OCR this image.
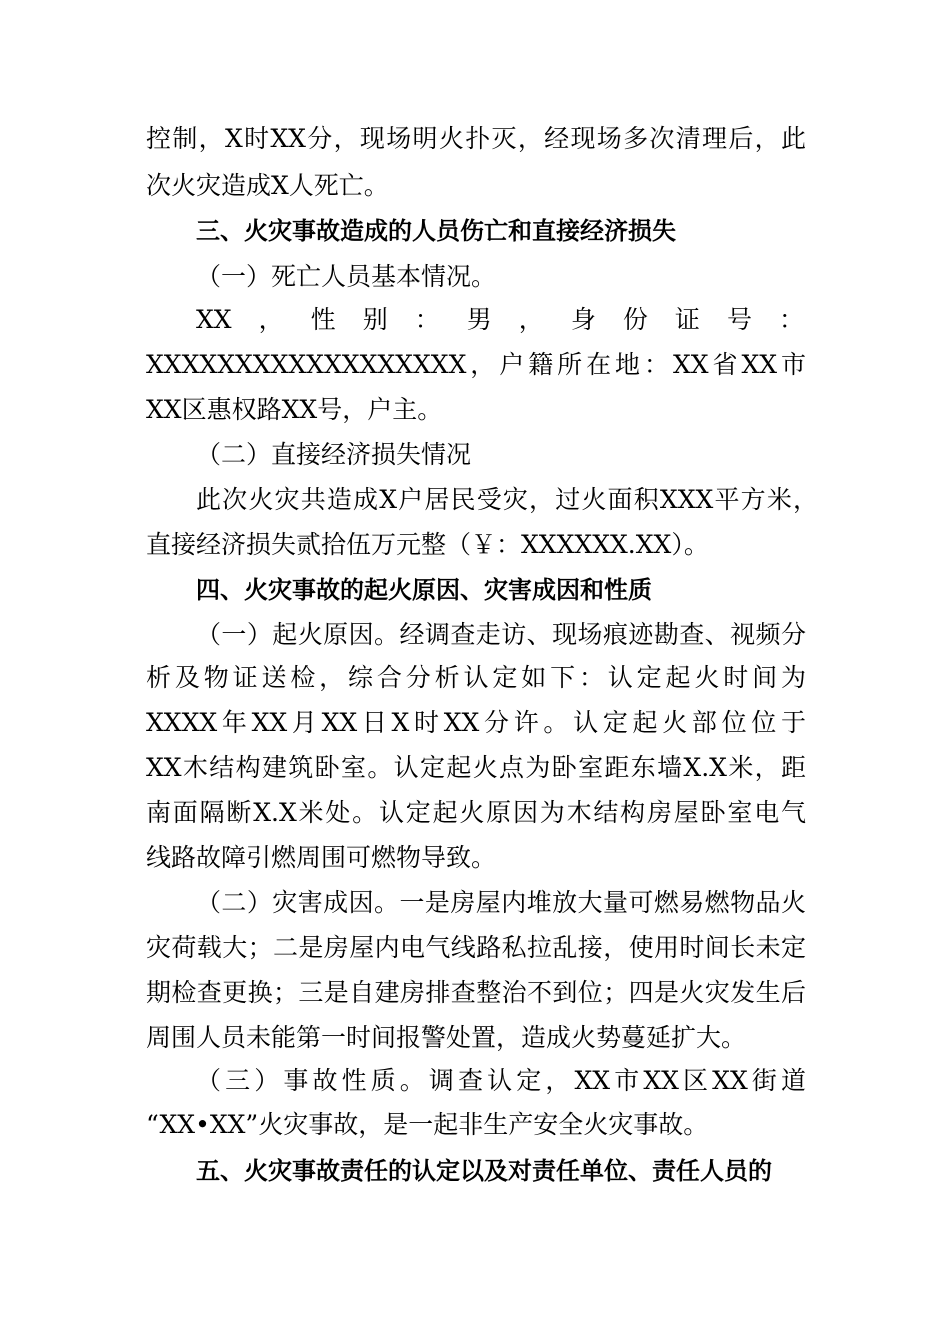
控制，X时XX分，现场明火扑灭，经现场多次清理后，此
次火灾造成X人死亡。
三、火灾事故造成的人员伤亡和直接经济损失
（一）死亡人员基本情况。
XX，性别：男，身份证号：
XXXXXXXXXXXXXXXXXX，户籍所在地：XX省XX市
XX区惠权路XX号，户主。
（二）直接经济损失情况
此次火灾共造成X户居民受灾，过火面积XXX平方米，
直接经济损失贰拾伍万元整（￥：XXXXXX.XX）。
四、火灾事故的起火原因、灾害成因和性质
（一）起火原因。经调查走访、现场痕迹勘查、视频分
析及物证送检，综合分析认定如下：认定起火时间为
XXXX年XX月XX日X时XX分许。认定起火部位位于
XX木结构建筑卧室。认定起火点为卧室距东墙X.X米，距
南面隔断X.X米处。认定起火原因为木结构房屋卧室电气
线路故障引燃周围可燃物导致。
（二）灾害成因。一是房屋内堆放大量可燃易燃物品火
灾荷载大；二是房屋内电气线路私拉乱接，使用时间长未定
期检查更换；三是自建房排查整治不到位；四是火灾发生后
周围人员未能第一时间报警处置，造成火势蔓延扩大。
（三）事故性质。调查认定，XX市XX区XX街道
“XX•XX”火灾事故，是一起非生产安全火灾事故。
五、火灾事故责任的认定以及对责任单位、责任人员的
